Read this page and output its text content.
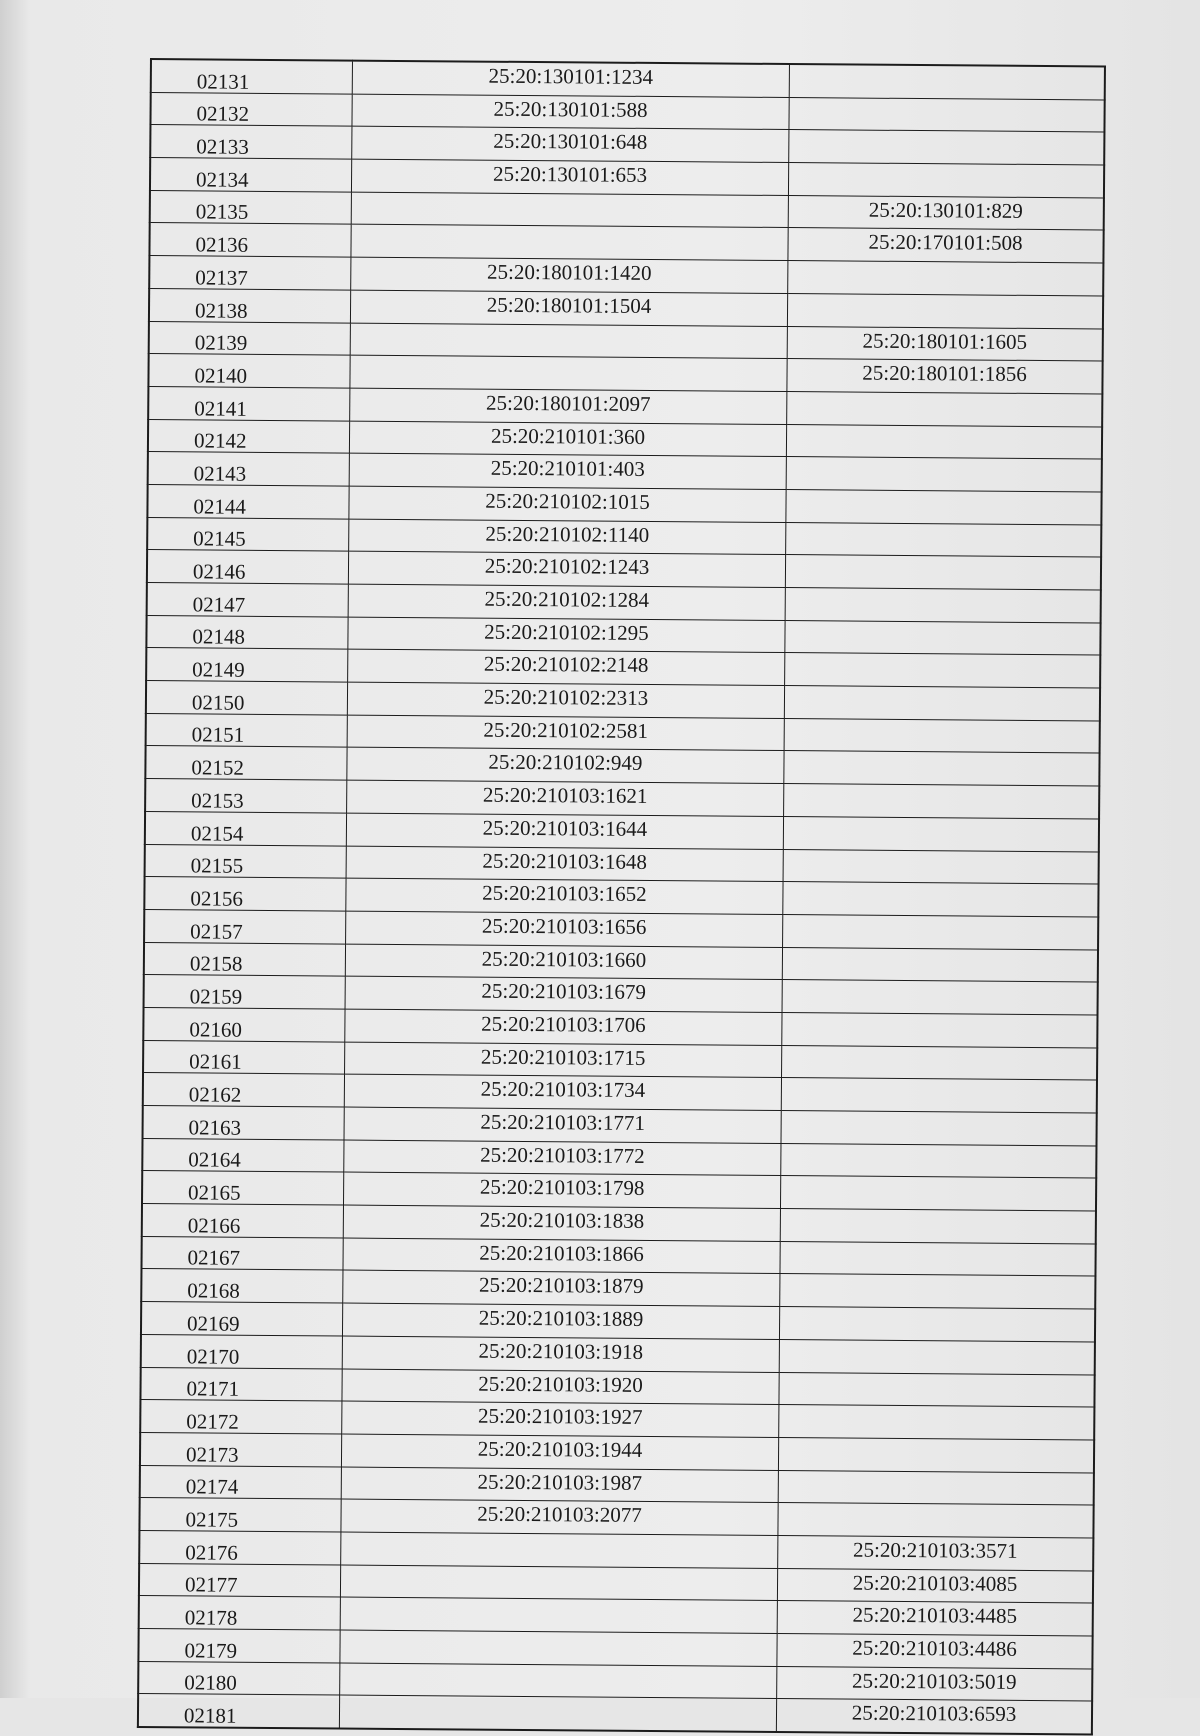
02131	25:20:130101:1234	
02132	25:20:130101:588	
02133	25:20:130101:648	
02134	25:20:130101:653	
02135		25:20:130101:829
02136		25:20:170101:508
02137	25:20:180101:1420	
02138	25:20:180101:1504	
02139		25:20:180101:1605
02140		25:20:180101:1856
02141	25:20:180101:2097	
02142	25:20:210101:360	
02143	25:20:210101:403	
02144	25:20:210102:1015	
02145	25:20:210102:1140	
02146	25:20:210102:1243	
02147	25:20:210102:1284	
02148	25:20:210102:1295	
02149	25:20:210102:2148	
02150	25:20:210102:2313	
02151	25:20:210102:2581	
02152	25:20:210102:949	
02153	25:20:210103:1621	
02154	25:20:210103:1644	
02155	25:20:210103:1648	
02156	25:20:210103:1652	
02157	25:20:210103:1656	
02158	25:20:210103:1660	
02159	25:20:210103:1679	
02160	25:20:210103:1706	
02161	25:20:210103:1715	
02162	25:20:210103:1734	
02163	25:20:210103:1771	
02164	25:20:210103:1772	
02165	25:20:210103:1798	
02166	25:20:210103:1838	
02167	25:20:210103:1866	
02168	25:20:210103:1879	
02169	25:20:210103:1889	
02170	25:20:210103:1918	
02171	25:20:210103:1920	
02172	25:20:210103:1927	
02173	25:20:210103:1944	
02174	25:20:210103:1987	
02175	25:20:210103:2077	
02176		25:20:210103:3571
02177		25:20:210103:4085
02178		25:20:210103:4485
02179		25:20:210103:4486
02180		25:20:210103:5019
02181		25:20:210103:6593
